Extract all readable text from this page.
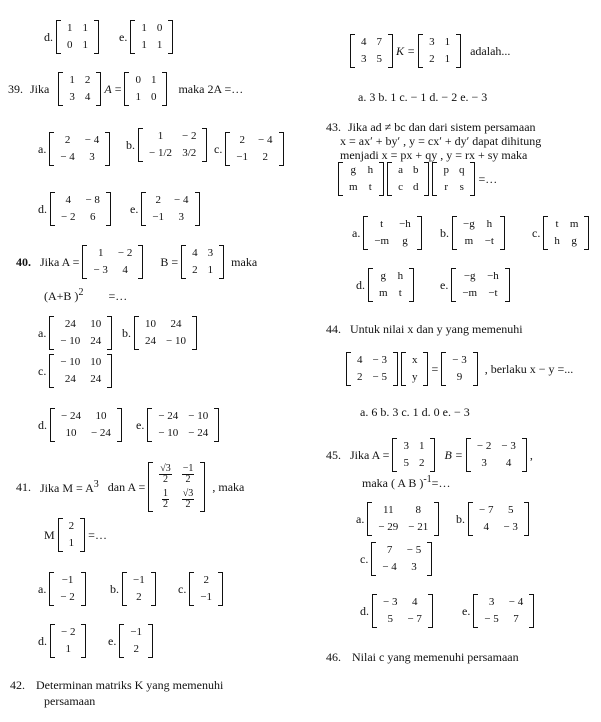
d.
1	1
0	1
e.
1	0
1	1
39. Jika
1	2
3	4
A =
0	1
1	0
maka 2A =…
a.
2	− 4
− 4	3
b.
1	− 2
− 1/2	3/2 c.
2	− 4
−1	2
d.
4	− 8
− 2	6
e.
2	− 4
−1	3
40. Jika A =
1	− 2
− 3	4
B =
4	3
2	1
maka
(A+B )$^2$ =…
a.
24	10
− 10	24
b.
10	24
24	− 10
c.
− 10	10
24	24
d.
− 24	10
10	− 24
e.
− 24	− 10
− 10	− 24
41. Jika $M = A^3$ dan A =
$\frac{√3}{2}$	$\frac{-1}{2}$

$\frac{1}{2}$	$\frac{√3}{2}$
, maka
M
2
1
=…
a.
−1
− 2
b.
−1
2
c.
2
−1
d.
− 2
1
e.
−1
2
42. Determinan matriks K yang memenuhi
persamaan
4	7
3	5
K =
3	1
2	1
adalah...
a. 3 b. 1 c. − 1 d. − 2 e. − 3
43. Jika ad ≠ bc dan dari sistem persamaan
x = axʹ + byʹ , y = cxʹ + dyʹ dapat dihitung
menjadi x = px + qy , y = rx + sy maka
g	h
m	t

a	b
c	d

p	q
r	s
=…
a.
t	−h
−m	g
b.
−g	h
m	−t
c.
t	m
h	g
d.
g	h
m	t
e.
−g	−h
−m	−t
44. Untuk nilai x dan y yang memenuhi
4	− 3
2	− 5

x
y
=
− 3
9
, berlaku x − y =...
a. 6 b. 3 c. 1 d. 0 e. − 3
45. Jika A =
3	1
5	2
B =
− 2	− 3
3	4
,
maka ( A B )$^{-1}$=…
a.
11	8
− 29	− 21
b.
− 7	5
4	− 3
c.
7	− 5
− 4	3
d.
− 3	4
5	− 7
e.
3	− 4
− 5	7
46. Nilai c yang memenuhi persamaan
